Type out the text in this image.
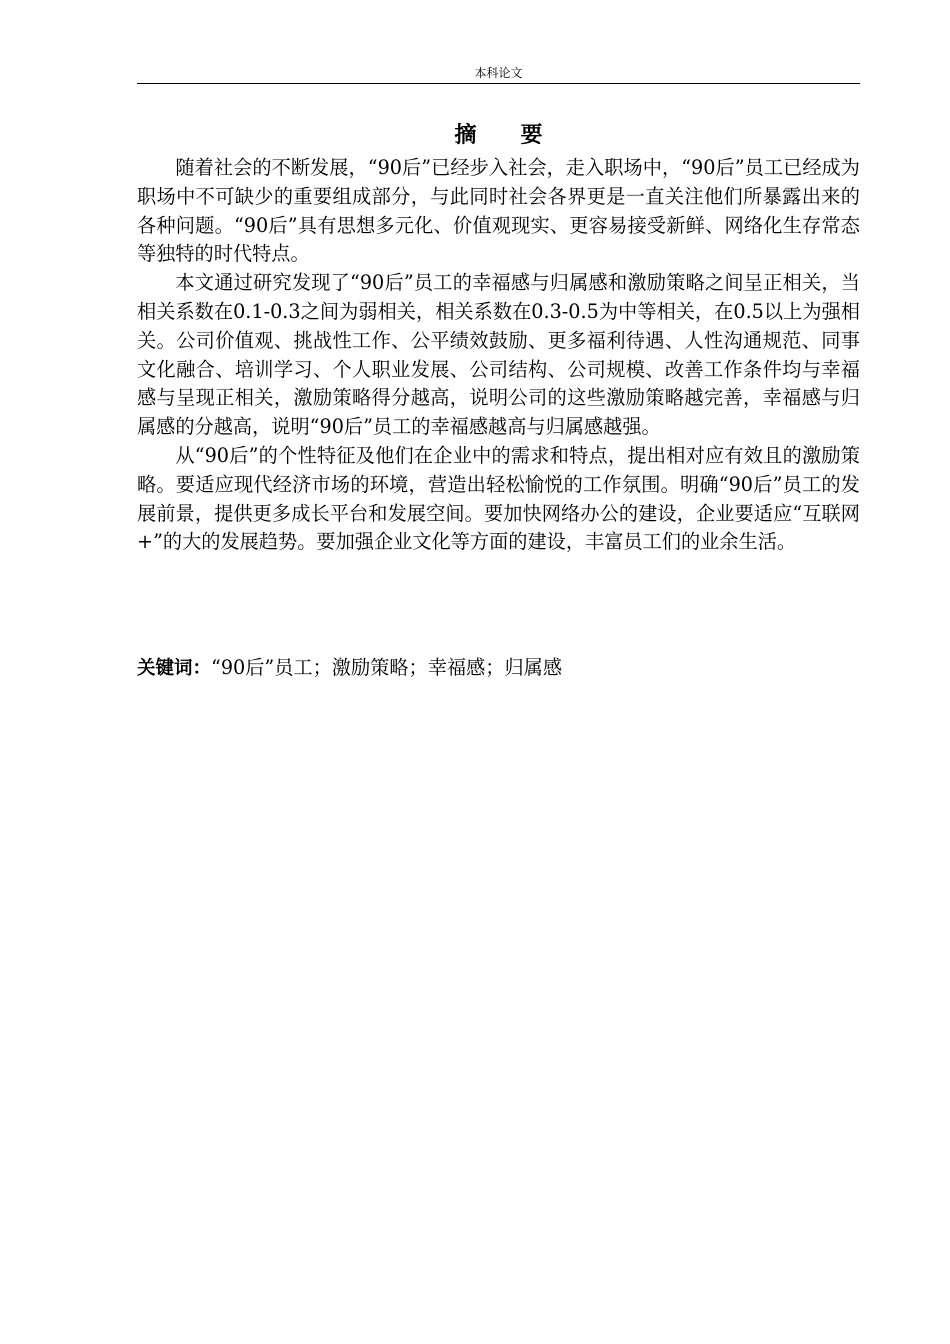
本科论文
摘　　要

随着社会的不断发展，“90后”已经步入社会，走入职场中，“90后”员工已经成为职场中不可缺少的重要组成部分，与此同时社会各界更是一直关注他们所暴露出来的各种问题。“90后”具有思想多元化、价值观现实、更容易接受新鲜、网络化生存常态等独特的时代特点。

本文通过研究发现了“90后”员工的幸福感与归属感和激励策略之间呈正相关，当相关系数在0.1-0.3之间为弱相关，相关系数在0.3-0.5为中等相关，在0.5以上为强相关。公司价值观、挑战性工作、公平绩效鼓励、更多福利待遇、人性沟通规范、同事文化融合、培训学习、个人职业发展、公司结构、公司规模、改善工作条件均与幸福感与呈现正相关，激励策略得分越高，说明公司的这些激励策略越完善，幸福感与归属感的分越高，说明“90后”员工的幸福感越高与归属感越强。

从“90后”的个性特征及他们在企业中的需求和特点，提出相对应有效且的激励策略。要适应现代经济市场的环境，营造出轻松愉悦的工作氛围。明确“90后”员工的发展前景，提供更多成长平台和发展空间。要加快网络办公的建设，企业要适应“互联网+”的大的发展趋势。要加强企业文化等方面的建设，丰富员工们的业余生活。

关键词：“90后”员工；激励策略；幸福感；归属感
